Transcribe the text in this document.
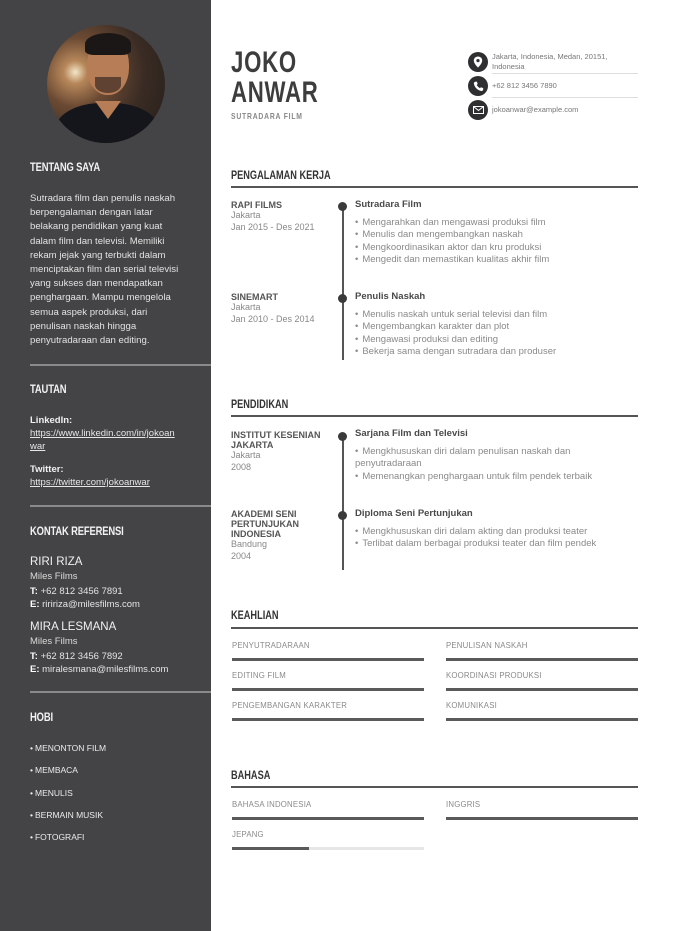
TENTANG SAYA
Sutradara film dan penulis naskah berpengalaman dengan latar belakang pendidikan yang kuat dalam film dan televisi. Memiliki rekam jejak yang terbukti dalam menciptakan film dan serial televisi yang sukses dan mendapatkan penghargaan. Mampu mengelola semua aspek produksi, dari penulisan naskah hingga penyutradaraan dan editing.
TAUTAN
LinkedIn:
https://www.linkedin.com/in/jokoanwar
Twitter:
https://twitter.com/jokoanwar
KONTAK REFERENSI
RIRI RIZA
Miles Films
T: +62 812 3456 7891
E: riririza@milesfilms.com
MIRA LESMANA
Miles Films
T: +62 812 3456 7892
E: miralesmana@milesfilms.com
HOBI
• MENONTON FILM
• MEMBACA
• MENULIS
• BERMAIN MUSIK
• FOTOGRAFI
JOKO
ANWAR
SUTRADARA FILM
Jakarta, Indonesia, Medan, 20151, Indonesia
+62 812 3456 7890
jokoanwar@example.com
PENGALAMAN KERJA
RAPI FILMS
Jakarta
Jan 2015 - Des 2021
Sutradara Film
• Mengarahkan dan mengawasi produksi film
• Menulis dan mengembangkan naskah
• Mengkoordinasikan aktor dan kru produksi
• Mengedit dan memastikan kualitas akhir film
SINEMART
Jakarta
Jan 2010 - Des 2014
Penulis Naskah
• Menulis naskah untuk serial televisi dan film
• Mengembangkan karakter dan plot
• Mengawasi produksi dan editing
• Bekerja sama dengan sutradara dan produser
PENDIDIKAN
INSTITUT KESENIAN JAKARTA
Jakarta
2008
Sarjana Film dan Televisi
• Mengkhususkan diri dalam penulisan naskah dan penyutradaraan
• Memenangkan penghargaan untuk film pendek terbaik
AKADEMI SENI PERTUNJUKAN INDONESIA
Bandung
2004
Diploma Seni Pertunjukan
• Mengkhususkan diri dalam akting dan produksi teater
• Terlibat dalam berbagai produksi teater dan film pendek
KEAHLIAN
PENYUTRADARAAN	PENULISAN NASKAH
EDITING FILM	KOORDINASI PRODUKSI
PENGEMBANGAN KARAKTER	KOMUNIKASI
BAHASA
BAHASA INDONESIA	INGGRIS
JEPANG
